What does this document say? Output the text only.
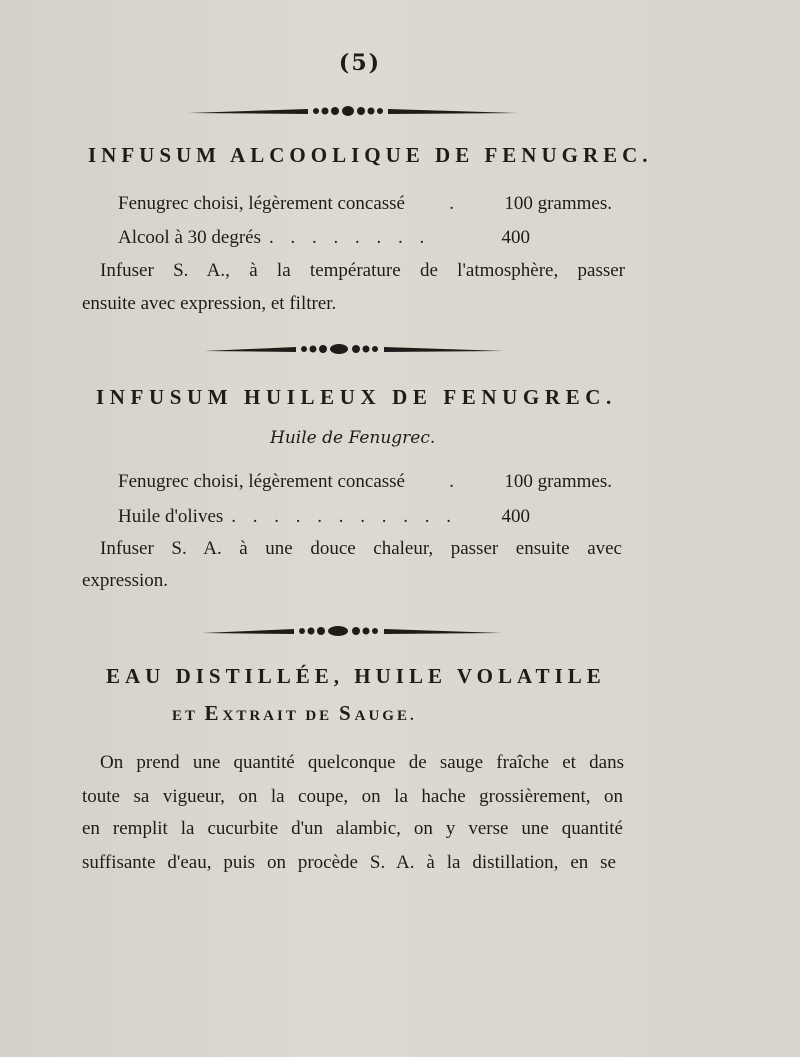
(5)
INFUSUM ALCOOLIQUE DE FENUGREC.
Fenugrec choisi, légèrement concassé	.	100 grammes.
Alcool à 30 degrés . . . . . . . .	400
Infuser S. A., à la température de l'atmosphère, passer
ensuite avec expression, et filtrer.
INFUSUM HUILEUX DE FENUGREC.
Huile de Fenugrec.
Fenugrec choisi, légèrement concassé	.	100 grammes.
Huile d'olives . . . . . . . . . . .	400
Infuser S. A. à une douce chaleur, passer ensuite avec
expression.
EAU DISTILLÉE, HUILE VOLATILE
ET EXTRAIT DE SAUGE.
On prend une quantité quelconque de sauge fraîche et dans
toute sa vigueur, on la coupe, on la hache grossièrement, on
en remplit la cucurbite d'un alambic, on y verse une quantité
suffisante d'eau, puis on procède S. A. à la distillation, en se
